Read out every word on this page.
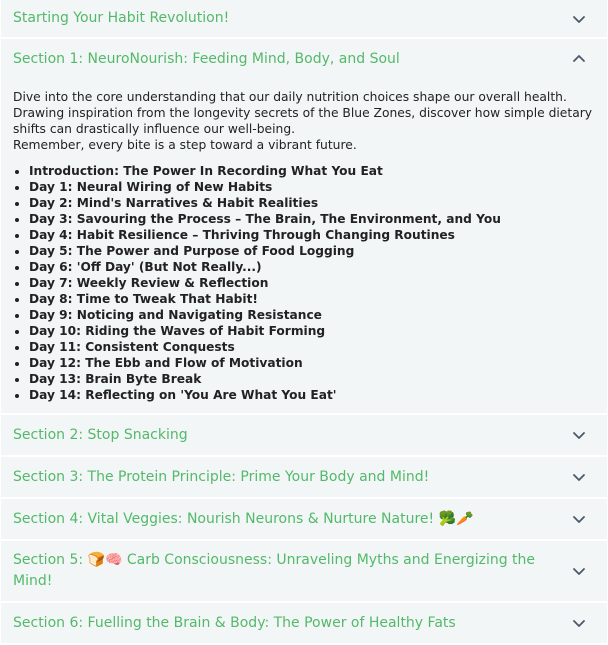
Starting Your Habit Revolution!
Section 1: NeuroNourish: Feeding Mind, Body, and Soul
Dive into the core understanding that our daily nutrition choices shape our overall health.
Drawing inspiration from the longevity secrets of the Blue Zones, discover how simple dietary shifts can drastically influence our well-being.
Remember, every bite is a step toward a vibrant future.
• Introduction: The Power In Recording What You Eat
• Day 1: Neural Wiring of New Habits
• Day 2: Mind's Narratives & Habit Realities
• Day 3: Savouring the Process – The Brain, The Environment, and You
• Day 4: Habit Resilience – Thriving Through Changing Routines
• Day 5: The Power and Purpose of Food Logging
• Day 6: 'Off Day' (But Not Really...)
• Day 7: Weekly Review & Reflection
• Day 8: Time to Tweak That Habit!
• Day 9: Noticing and Navigating Resistance
• Day 10: Riding the Waves of Habit Forming
• Day 11: Consistent Conquests
• Day 12: The Ebb and Flow of Motivation
• Day 13: Brain Byte Break
• Day 14: Reflecting on 'You Are What You Eat'
Section 2: Stop Snacking
Section 3: The Protein Principle: Prime Your Body and Mind!
Section 4: Vital Veggies: Nourish Neurons & Nurture Nature! 🥦🥕
Section 5: 🍞🧠 Carb Consciousness: Unraveling Myths and Energizing the Mind!
Section 6: Fuelling the Brain & Body: The Power of Healthy Fats
